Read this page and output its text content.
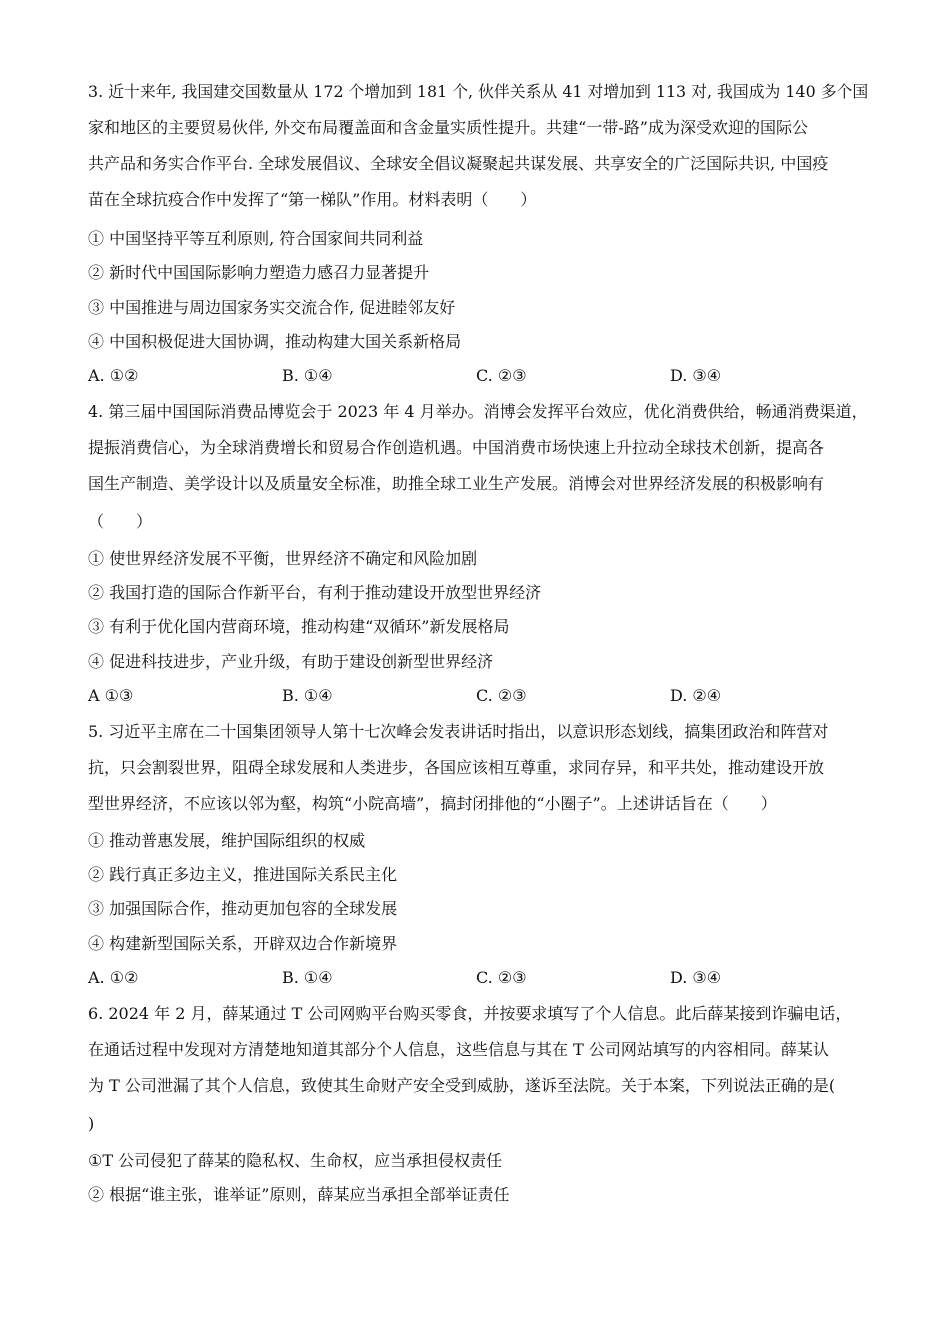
3. 近十来年, 我国建交国数量从 172 个增加到 181 个, 伙伴关系从 41 对增加到 113 对, 我国成为 140 多个国
家和地区的主要贸易伙伴, 外交布局覆盖面和含金量实质性提升。共建“一带-路”成为深受欢迎的国际公
共产品和务实合作平台. 全球发展倡议、全球安全倡议凝聚起共谋发展、共享安全的广泛国际共识, 中国疫
苗在全球抗疫合作中发挥了“第一梯队”作用。材料表明（　　）
① 中国坚持平等互利原则, 符合国家间共同利益
② 新时代中国国际影响力塑造力感召力显著提升
③ 中国推进与周边国家务实交流合作, 促进睦邻友好
④ 中国积极促进大国协调，推动构建大国关系新格局
A. ①②	B. ①④	C. ②③	D. ③④
4. 第三届中国国际消费品博览会于 2023 年 4 月举办。消博会发挥平台效应，优化消费供给，畅通消费渠道，
提振消费信心，为全球消费增长和贸易合作创造机遇。中国消费市场快速上升拉动全球技术创新，提高各
国生产制造、美学设计以及质量安全标准，助推全球工业生产发展。消博会对世界经济发展的积极影响有
（　　）
① 使世界经济发展不平衡，世界经济不确定和风险加剧
② 我国打造的国际合作新平台，有利于推动建设开放型世界经济
③ 有利于优化国内营商环境，推动构建“双循环”新发展格局
④ 促进科技进步，产业升级，有助于建设创新型世界经济
A ①③	B. ①④	C. ②③	D. ②④
5. 习近平主席在二十国集团领导人第十七次峰会发表讲话时指出，以意识形态划线，搞集团政治和阵营对
抗，只会割裂世界，阻碍全球发展和人类进步，各国应该相互尊重，求同存异，和平共处，推动建设开放
型世界经济，不应该以邻为壑，构筑“小院高墙”，搞封闭排他的“小圈子”。上述讲话旨在（　　）
① 推动普惠发展，维护国际组织的权威
② 践行真正多边主义，推进国际关系民主化
③ 加强国际合作，推动更加包容的全球发展
④ 构建新型国际关系，开辟双边合作新境界
A. ①②	B. ①④	C. ②③	D. ③④
6. 2024 年 2 月，薛某通过 T 公司网购平台购买零食，并按要求填写了个人信息。此后薛某接到诈骗电话，
在通话过程中发现对方清楚地知道其部分个人信息，这些信息与其在 T 公司网站填写的内容相同。薛某认
为 T 公司泄漏了其个人信息，致使其生命财产安全受到威胁，遂诉至法院。关于本案，下列说法正确的是(
)
①T 公司侵犯了薛某的隐私权、生命权，应当承担侵权责任
② 根据“谁主张，谁举证”原则，薛某应当承担全部举证责任
